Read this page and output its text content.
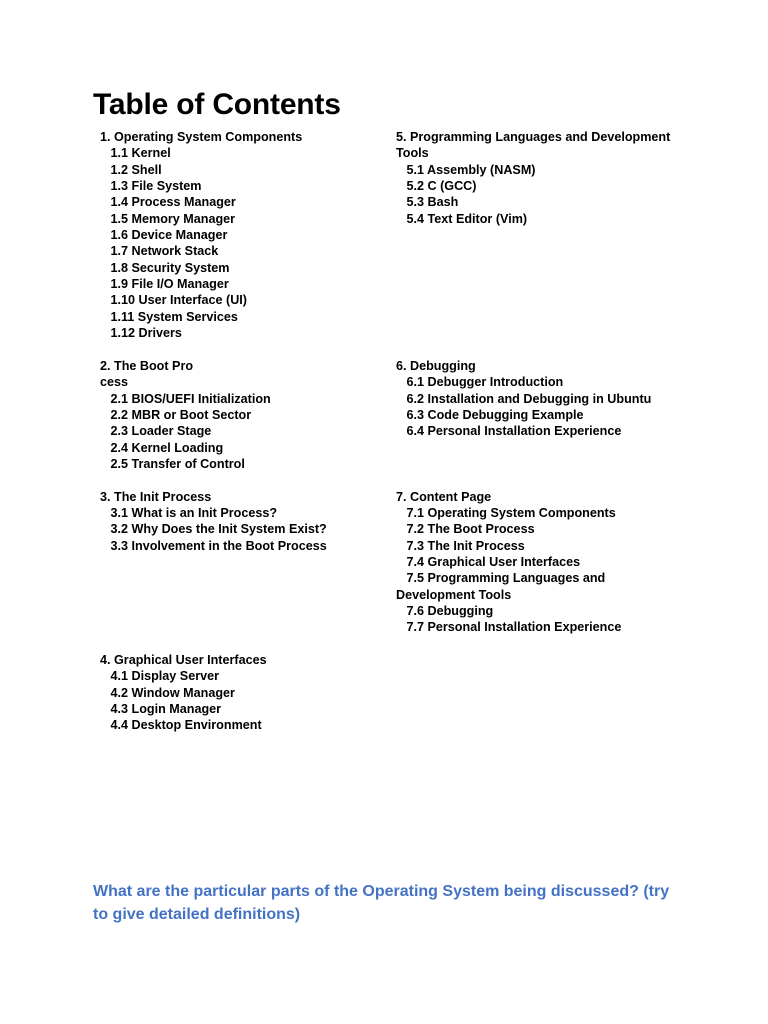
Table of Contents
1. Operating System Components
1.1 Kernel
1.2 Shell
1.3 File System
1.4 Process Manager
1.5 Memory Manager
1.6 Device Manager
1.7 Network Stack
1.8 Security System
1.9 File I/O Manager
1.10 User Interface (UI)
1.11 System Services
1.12 Drivers
2. The Boot Pro
cess
2.1 BIOS/UEFI Initialization
2.2 MBR or Boot Sector
2.3 Loader Stage
2.4 Kernel Loading
2.5 Transfer of Control
3. The Init Process
3.1 What is an Init Process?
3.2 Why Does the Init System Exist?
3.3 Involvement in the Boot Process
4. Graphical User Interfaces
4.1 Display Server
4.2 Window Manager
4.3 Login Manager
4.4 Desktop Environment
5. Programming Languages and Development
Tools
5.1 Assembly (NASM)
5.2 C (GCC)
5.3 Bash
5.4 Text Editor (Vim)
6. Debugging
6.1 Debugger Introduction
6.2 Installation and Debugging in Ubuntu
6.3 Code Debugging Example
6.4 Personal Installation Experience
7. Content Page
7.1 Operating System Components
7.2 The Boot Process
7.3 The Init Process
7.4 Graphical User Interfaces
7.5 Programming Languages and
Development Tools
7.6 Debugging
7.7 Personal Installation Experience
What are the particular parts of the Operating System being discussed? (try to give detailed definitions)
